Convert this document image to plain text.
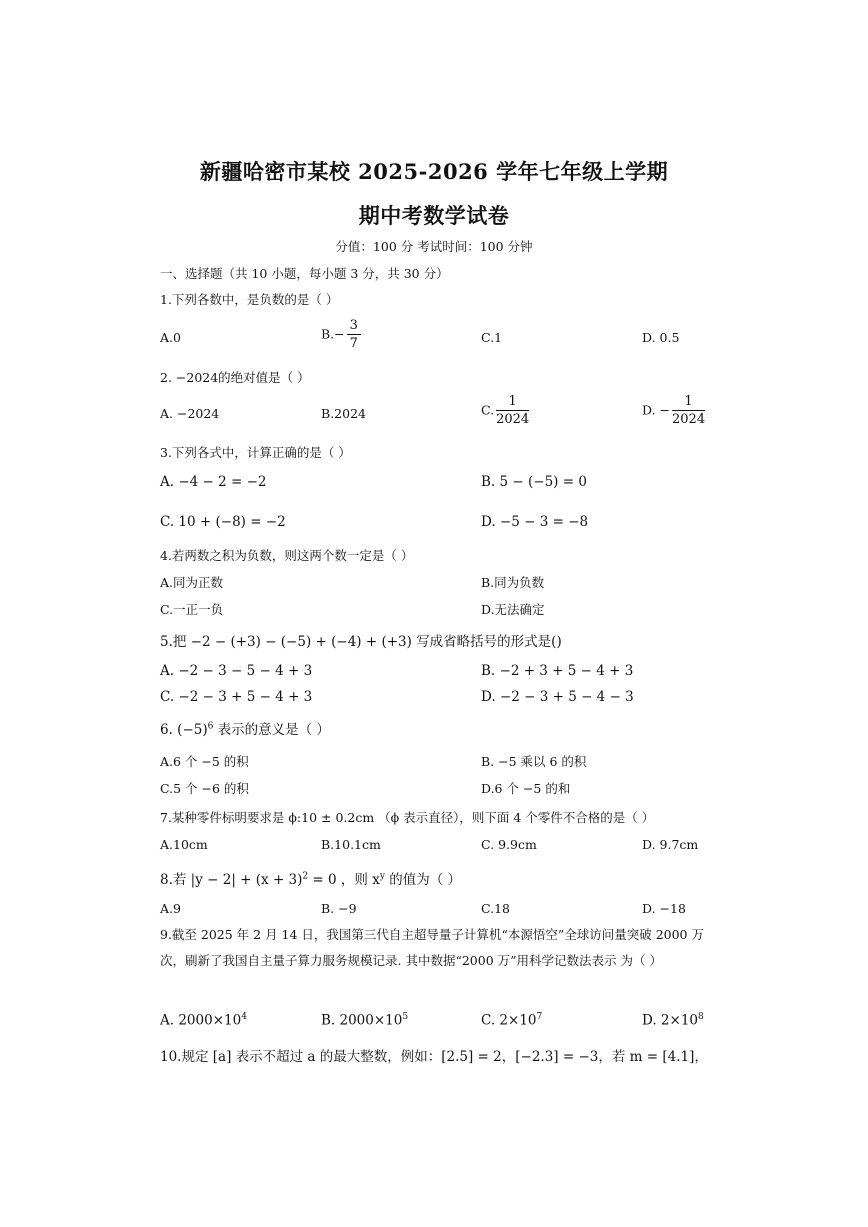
新疆哈密市某校 2025-2026 学年七年级上学期
期中考数学试卷
分值：100 分 考试时间：100 分钟
一、选择题（共 10 小题，每小题 3 分，共 30 分）
1.下列各数中，是负数的是（ ）
A.0	$B.- \frac{3}{7}$	C.1	D. 0.5
2. −2024的绝对值是（ ）
A. −2024	B.2024	C. $\frac{1}{2024}$	D. − $\frac{1}{2024}$
3.下列各式中，计算正确的是（ ）
A. −4 − 2 = −2	B. 5 − (−5) = 0
C. 10 + (−8) = −2	D. −5 − 3 = −8
4.若两数之积为负数，则这两个数一定是（ ）
A.同为正数	B.同为负数
C.一正一负	D.无法确定
5.把 −2 − (+3) − (−5) + (−4) + (+3) 写成省略括号的形式是()
A. −2 − 3 − 5 − 4 + 3	B. −2 + 3 + 5 − 4 + 3
C. −2 − 3 + 5 − 4 + 3	D. −2 − 3 + 5 − 4 − 3
6. $(-5)^6$ 表示的意义是（ ）
A.6 个 −5 的积	B. −5 乘以 6 的积
C.5 个 −6 的积	D.6 个 −5 的和
7.某种零件标明要求是 ϕ:10 ± 0.2cm （ϕ 表示直径），则下面 4 个零件不合格的是（ ）
A.10cm	B.10.1cm	C. 9.9cm	D. 9.7cm
8.若 $|y - 2| + (x + 3)^2 = 0$ ，则 $x^y$ 的值为（ ）
A.9	B. −9	C.18	D. −18
9.截至 2025 年 2 月 14 日，我国第三代自主超导量子计算机“本源悟空”全球访问量突破 2000 万次，刷新了我国自主量子算力服务规模记录. 其中数据“2000 万”用科学记数法表示 为（ ）
A. $2000\times 10^4$	B. $2000\times 10^5$	C. $2\times 10^7$	D. $2\times 10^8$
10.规定 [a] 表示不超过 a 的最大整数，例如：[2.5] = 2，[−2.3] = −3，若 m = [4.1]，
